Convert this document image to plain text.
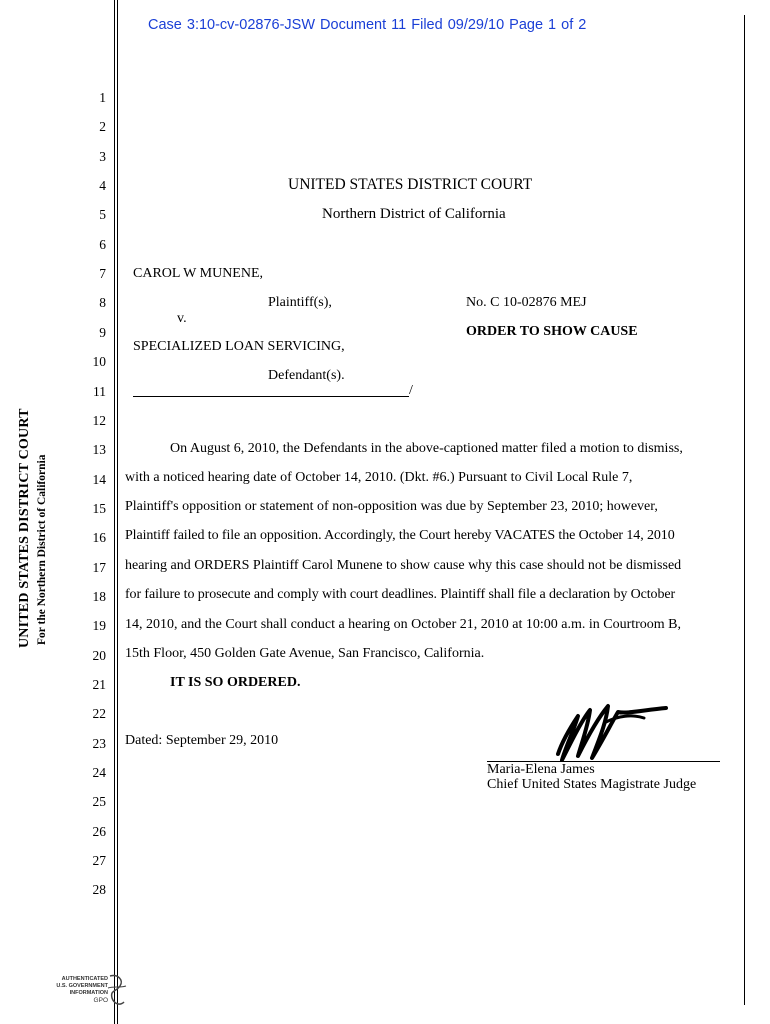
Case 3:10-cv-02876-JSW Document 11 Filed 09/29/10 Page 1 of 2
UNITED STATES DISTRICT COURT For the Northern District of California
1
2
3
4
5
6
7
8
9
10
11
12
13
14
15
16
17
18
19
20
21
22
23
24
25
26
27
28
UNITED STATES DISTRICT COURT
Northern District of California
CAROL W MUNENE,
Plaintiff(s),
v.
SPECIALIZED LOAN SERVICING,
Defendant(s).
/
No. C 10-02876 MEJ
ORDER TO SHOW CAUSE
On August 6, 2010, the Defendants in the above-captioned matter filed a motion to dismiss,
with a noticed hearing date of October 14, 2010. (Dkt. #6.) Pursuant to Civil Local Rule 7,
Plaintiff's opposition or statement of non-opposition was due by September 23, 2010; however,
Plaintiff failed to file an opposition. Accordingly, the Court hereby VACATES the October 14, 2010
hearing and ORDERS Plaintiff Carol Munene to show cause why this case should not be dismissed
for failure to prosecute and comply with court deadlines. Plaintiff shall file a declaration by October
14, 2010, and the Court shall conduct a hearing on October 21, 2010 at 10:00 a.m. in Courtroom B,
15th Floor, 450 Golden Gate Avenue, San Francisco, California.
IT IS SO ORDERED.
Dated: September 29, 2010
Maria-Elena James
Chief United States Magistrate Judge
AUTHENTICATED
U.S. GOVERNMENT
INFORMATION
GPO
